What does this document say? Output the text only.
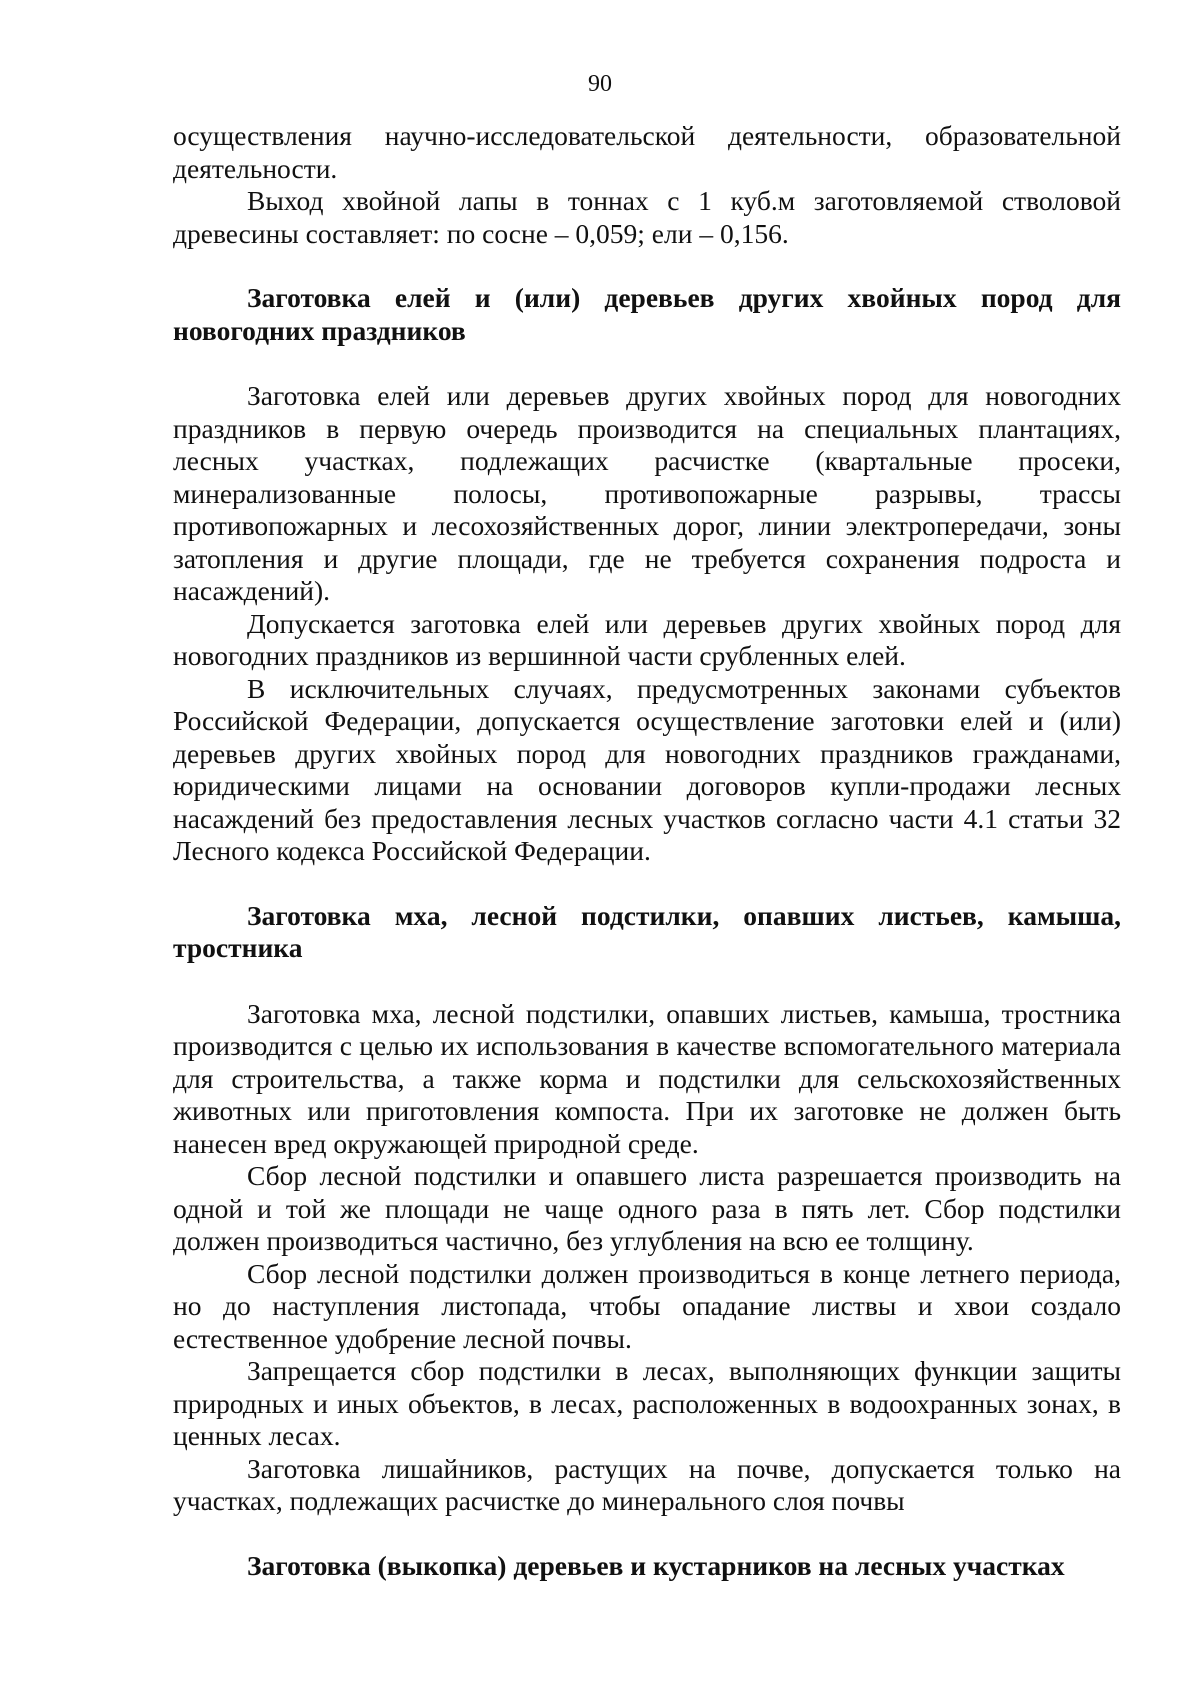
90

осуществления научно-исследовательской деятельности, образовательной деятельности.

Выход хвойной лапы в тоннах с 1 куб.м заготовляемой стволовой древесины составляет: по сосне – 0,059; ели – 0,156.

Заготовка елей и (или) деревьев других хвойных пород для новогодних праздников

Заготовка елей или деревьев других хвойных пород для новогодних праздников в первую очередь производится на специальных плантациях, лесных участках, подлежащих расчистке (квартальные просеки, минерализованные полосы, противопожарные разрывы, трассы противопожарных и лесохозяйственных дорог, линии электропередачи, зоны затопления и другие площади, где не требуется сохранения подроста и насаждений).

Допускается заготовка елей или деревьев других хвойных пород для новогодних праздников из вершинной части срубленных елей.

В исключительных случаях, предусмотренных законами субъектов Российской Федерации, допускается осуществление заготовки елей и (или) деревьев других хвойных пород для новогодних праздников гражданами, юридическими лицами на основании договоров купли-продажи лесных насаждений без предоставления лесных участков согласно части 4.1 статьи 32 Лесного кодекса Российской Федерации.

Заготовка мха, лесной подстилки, опавших листьев, камыша, тростника

Заготовка мха, лесной подстилки, опавших листьев, камыша, тростника производится с целью их использования в качестве вспомогательного материала для строительства, а также корма и подстилки для сельскохозяйственных животных или приготовления компоста. При их заготовке не должен быть нанесен вред окружающей природной среде.

Сбор лесной подстилки и опавшего листа разрешается производить на одной и той же площади не чаще одного раза в пять лет. Сбор подстилки должен производиться частично, без углубления на всю ее толщину.

Сбор лесной подстилки должен производиться в конце летнего периода, но до наступления листопада, чтобы опадание листвы и хвои создало естественное удобрение лесной почвы.

Запрещается сбор подстилки в лесах, выполняющих функции защиты природных и иных объектов, в лесах, расположенных в водоохранных зонах, в ценных лесах.

Заготовка лишайников, растущих на почве, допускается только на участках, подлежащих расчистке до минерального слоя почвы

Заготовка (выкопка) деревьев и кустарников на лесных участках
